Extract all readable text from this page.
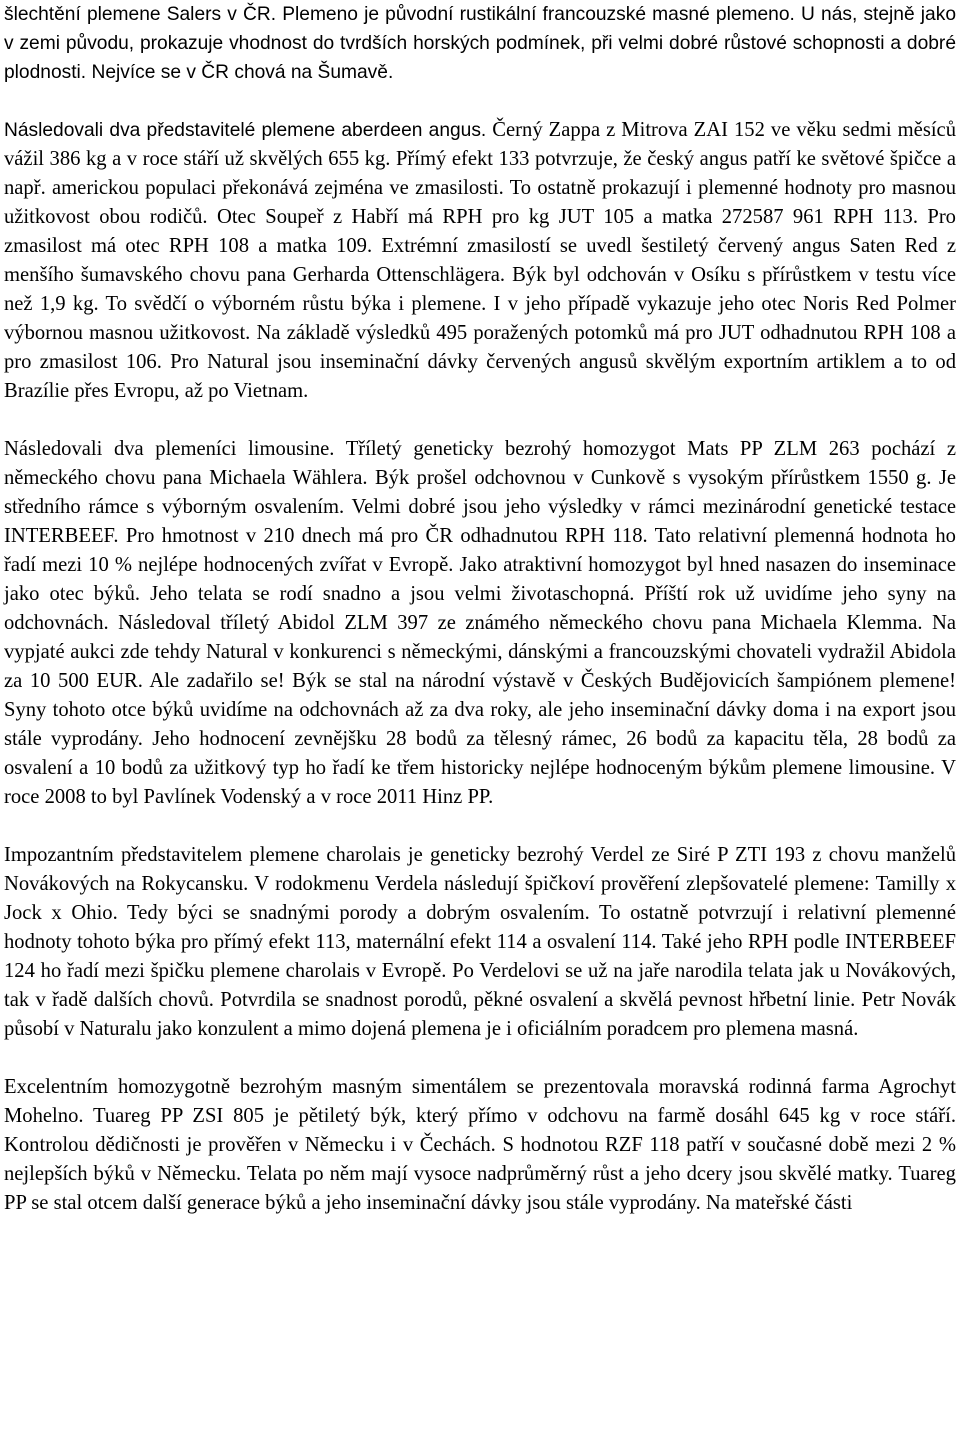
šlechtění plemene Salers v ČR. Plemeno je původní rustikální francouzské masné plemeno. U nás, stejně jako v zemi původu, prokazuje vhodnost do tvrdších horských podmínek, při velmi dobré růstové schopnosti a dobré plodnosti. Nejvíce se v ČR chová na Šumavě.

Následovali dva představitelé plemene aberdeen angus. Černý Zappa z Mitrova ZAI 152 ve věku sedmi měsíců vážil 386 kg a v roce stáří už skvělých 655 kg. Přímý efekt 133 potvrzuje, že český angus patří ke světové špičce a např. americkou populaci překonává zejména ve zmasilosti. To ostatně prokazují i plemenné hodnoty pro masnou užitkovost obou rodičů. Otec Soupeř z Habří má RPH pro kg JUT 105 a matka 272587 961 RPH 113. Pro zmasilost má otec RPH 108 a matka 109. Extrémní zmasilostí se uvedl šestiletý červený angus Saten Red z menšího šumavského chovu pana Gerharda Ottenschlägera. Býk byl odchován v Osíku s přírůstkem v testu více než 1,9 kg. To svědčí o výborném růstu býka i plemene. I v jeho případě vykazuje jeho otec Noris Red Polmer výbornou masnou užitkovost. Na základě výsledků 495 poražených potomků má pro JUT odhadnutou RPH 108 a pro zmasilost 106. Pro Natural jsou inseminační dávky červených angusů skvělým exportním artiklem a to od Brazílie přes Evropu, až po Vietnam.

Následovali dva plemeníci limousine. Tříletý geneticky bezrohý homozygot Mats PP ZLM 263 pochází z německého chovu pana Michaela Wählera. Býk prošel odchovnou v Cunkově s vysokým přírůstkem 1550 g. Je středního rámce s výborným osvalením. Velmi dobré jsou jeho výsledky v rámci mezinárodní genetické testace INTERBEEF. Pro hmotnost v 210 dnech má pro ČR odhadnutou RPH 118. Tato relativní plemenná hodnota ho řadí mezi 10 % nejlépe hodnocených zvířat v Evropě. Jako atraktivní homozygot byl hned nasazen do inseminace jako otec býků. Jeho telata se rodí snadno a jsou velmi životaschopná. Příští rok už uvidíme jeho syny na odchovnách. Následoval tříletý Abidol ZLM 397 ze známého německého chovu pana Michaela Klemma. Na vypjaté aukci zde tehdy Natural v konkurenci s německými, dánskými a francouzskými chovateli vydražil Abidola za 10 500 EUR. Ale zadařilo se! Býk se stal na národní výstavě v Českých Budějovicích šampiónem plemene! Syny tohoto otce býků uvidíme na odchovnách až za dva roky, ale jeho inseminační dávky doma i na export jsou stále vyprodány. Jeho hodnocení zevnějšku 28 bodů za tělesný rámec, 26 bodů za kapacitu těla, 28 bodů za osvalení a 10 bodů za užitkový typ ho řadí ke třem historicky nejlépe hodnoceným býkům plemene limousine. V roce 2008 to byl Pavlínek Vodenský a v roce 2011 Hinz PP.

Impozantním představitelem plemene charolais je geneticky bezrohý Verdel ze Siré P ZTI 193 z chovu manželů Novákových na Rokycansku. V rodokmenu Verdela následují špičkoví prověření zlepšovatelé plemene: Tamilly x Jock x Ohio. Tedy býci se snadnými porody a dobrým osvalením. To ostatně potvrzují i relativní plemenné hodnoty tohoto býka pro přímý efekt 113, maternální efekt 114 a osvalení 114. Také jeho RPH podle INTERBEEF 124 ho řadí mezi špičku plemene charolais v Evropě. Po Verdelovi se už na jaře narodila telata jak u Novákových, tak v řadě dalších chovů. Potvrdila se snadnost porodů, pěkné osvalení a skvělá pevnost hřbetní linie. Petr Novák působí v Naturalu jako konzulent a mimo dojená plemena je i oficiálním poradcem pro plemena masná.

Excelentním homozygotně bezrohým masným simentálem se prezentovala moravská rodinná farma Agrochyt Mohelno. Tuareg PP ZSI 805 je pětiletý býk, který přímo v odchovu na farmě dosáhl 645 kg v roce stáří. Kontrolou dědičnosti je prověřen v Německu i v Čechách. S hodnotou RZF 118 patří v současné době mezi 2 % nejlepších býků v Německu. Telata po něm mají vysoce nadprůměrný růst a jeho dcery jsou skvělé matky. Tuareg PP se stal otcem další generace býků a jeho inseminační dávky jsou stále vyprodány. Na mateřské části
